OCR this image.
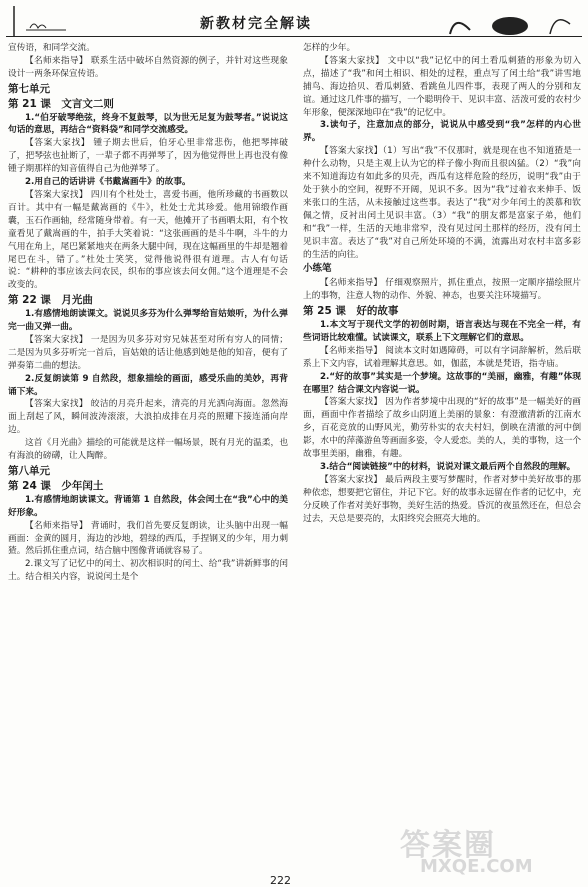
新教材完全解读

宣传语，和同学交流。

【名师来指导】 联系生活中破坏自然资源的例子，并针对这些现象设计一两条环保宣传语。

第七单元
第 21 课　文言文二则

1.“伯牙破琴绝弦，终身不复鼓琴，以为世无足复为鼓琴者。”说说这句话的意思，再结合“资料袋”和同学交流感受。

【答案大家找】 锺子期去世后，伯牙心里非常悲伤，他把琴摔破了，把琴弦也扯断了，一辈子都不再弹琴了，因为他觉得世上再也没有像锺子期那样的知音值得自己为他弹琴了。

2.用自己的话讲讲《书戴嵩画牛》的故事。

【答案大家找】 四川有个杜处士，喜爱书画，他所珍藏的书画数以百计。其中有一幅是戴嵩画的《牛》，杜处士尤其珍爱。他用锦缎作画囊，玉石作画轴，经常随身带着。有一天，他摊开了书画晒太阳，有个牧童看见了戴嵩画的牛，拍手大笑着说：“这张画画的是斗牛啊，斗牛的力气用在角上，尾巴紧紧地夹在两条大腿中间，现在这幅画里的牛却是翘着尾巴在斗，错了。”杜处士笑笑，觉得他说得很有道理。古人有句话说：“耕种的事应该去问农民，织布的事应该去问女佣。”这个道理是不会改变的。

第 22 课　月光曲

1.有感情地朗读课文。说说贝多芬为什么弹琴给盲姑娘听，为什么弹完一曲又弹一曲。

【答案大家找】 一是因为贝多芬对穷兄妹甚至对所有穷人的同情；二是因为贝多芬听完一首后，盲姑娘的话让他感到她是他的知音，便有了弹奏第二曲的想法。

2.反复朗读第 9 自然段，想象描绘的画面，感受乐曲的美妙，再背诵下来。

【答案大家找】 皎洁的月亮升起来，清亮的月光洒向海面。忽然海面上刮起了风，瞬间波涛滚滚，大浪拍成排在月亮的照耀下接连涌向岸边。

这首《月光曲》描绘的可能就是这样一幅场景，既有月光的温柔，也有海浪的磅礴，让人陶醉。

第八单元
第 24 课　少年闰土

1.有感情地朗读课文。背诵第 1 自然段，体会闰土在“我”心中的美好形象。

【名师来指导】 背诵时，我们首先要反复朗读，让头脑中出现一幅画面：金黄的圆月，海边的沙地，碧绿的西瓜，手捏钢叉的少年，用力刺猹。然后抓住重点词，结合脑中图像背诵就容易了。

2.课文写了记忆中的闰土、初次相识时的闰土、给“我”讲新鲜事的闰土。结合相关内容，说说闰土是个

怎样的少年。

【答案大家找】 文中以“我”记忆中的闰土看瓜刺猹的形象为切入点，描述了“我”和闰土相识、相处的过程，重点写了闰土给“我”讲雪地捕鸟、海边拾贝、看瓜刺猹、看跳鱼儿四件事，表现了两人的分别和友谊。通过这几件事的描写，一个聪明伶干、见识丰富、活泼可爱的农村少年形象，便深深地印在“我”的记忆中。

3.读句子，注意加点的部分，说说从中感受到“我”怎样的内心世界。

【答案大家找】（1）写出“我”不仅那时，就是现在也不知道猹是一种什么动物，只是主观上认为它的样子像小狗而且很凶猛。（2）“我”向来不知道海边有如此多的贝壳，西瓜有这样危险的经历，说明“我”由于处于狭小的空间，视野不开阔，见识不多。因为“我”过着衣来伸手、饭来张口的生活，从未接触过这些事。表达了“我”对少年闰土的羡慕和钦佩之情，反衬出闰土见识丰富。（3）“我”的朋友都是富家子弟，他们和“我”一样，生活的天地非常窄，没有见过闰土那样的经历，没有闰土见识丰富。表达了“我”对自己所处环境的不满，流露出对农村丰富多彩的生活的向往。

小练笔

【名师来指导】 仔细观察照片，抓住重点，按照一定顺序描绘照片上的事物，注意人物的动作、外貌、神态，也要关注环境描写。

第 25 课　好的故事

1.本文写于现代文学的初创时期，语言表达与现在不完全一样，有些词语比较难懂。试读课文，联系上下文理解它们的意思。

【名师来指导】 阅读本文时如遇障碍，可以有字词辞解析，然后联系上下文内容，试着理解其意思。如，伽蓝，本就是梵语，指寺庙。

2.“好的故事”其实是一个梦境。这故事的“美丽，幽雅，有趣”体现在哪里？结合课文内容说一说。

【答案大家找】 因为作者梦境中出现的“好的故事”是一幅美好的画面，画面中作者描绘了故乡山阴道上美丽的景象：有澄澈清新的江南水乡，百花竞放的山野风光，勤劳朴实的农夫村妇，倒映在清澈的河中倒影，水中的萍藻游鱼等画面多姿，令人爱恋。美的人，美的事物，这一个故事里美丽，幽雅，有趣。

3.结合“阅读链接”中的材料，说说对课文最后两个自然段的理解。

【答案大家找】 最后两段主要写梦醒时，作者对梦中美好故事的那种依恋，想要把它留住，并记下它。好的故事永远留在作者的记忆中，充分反映了作者对美好事物，美好生活的热爱。昏沉的夜虽然还在，但总会过去，天总是要亮的，太阳终究会照亮大地的。

答案圈
MXQE.COM
222
